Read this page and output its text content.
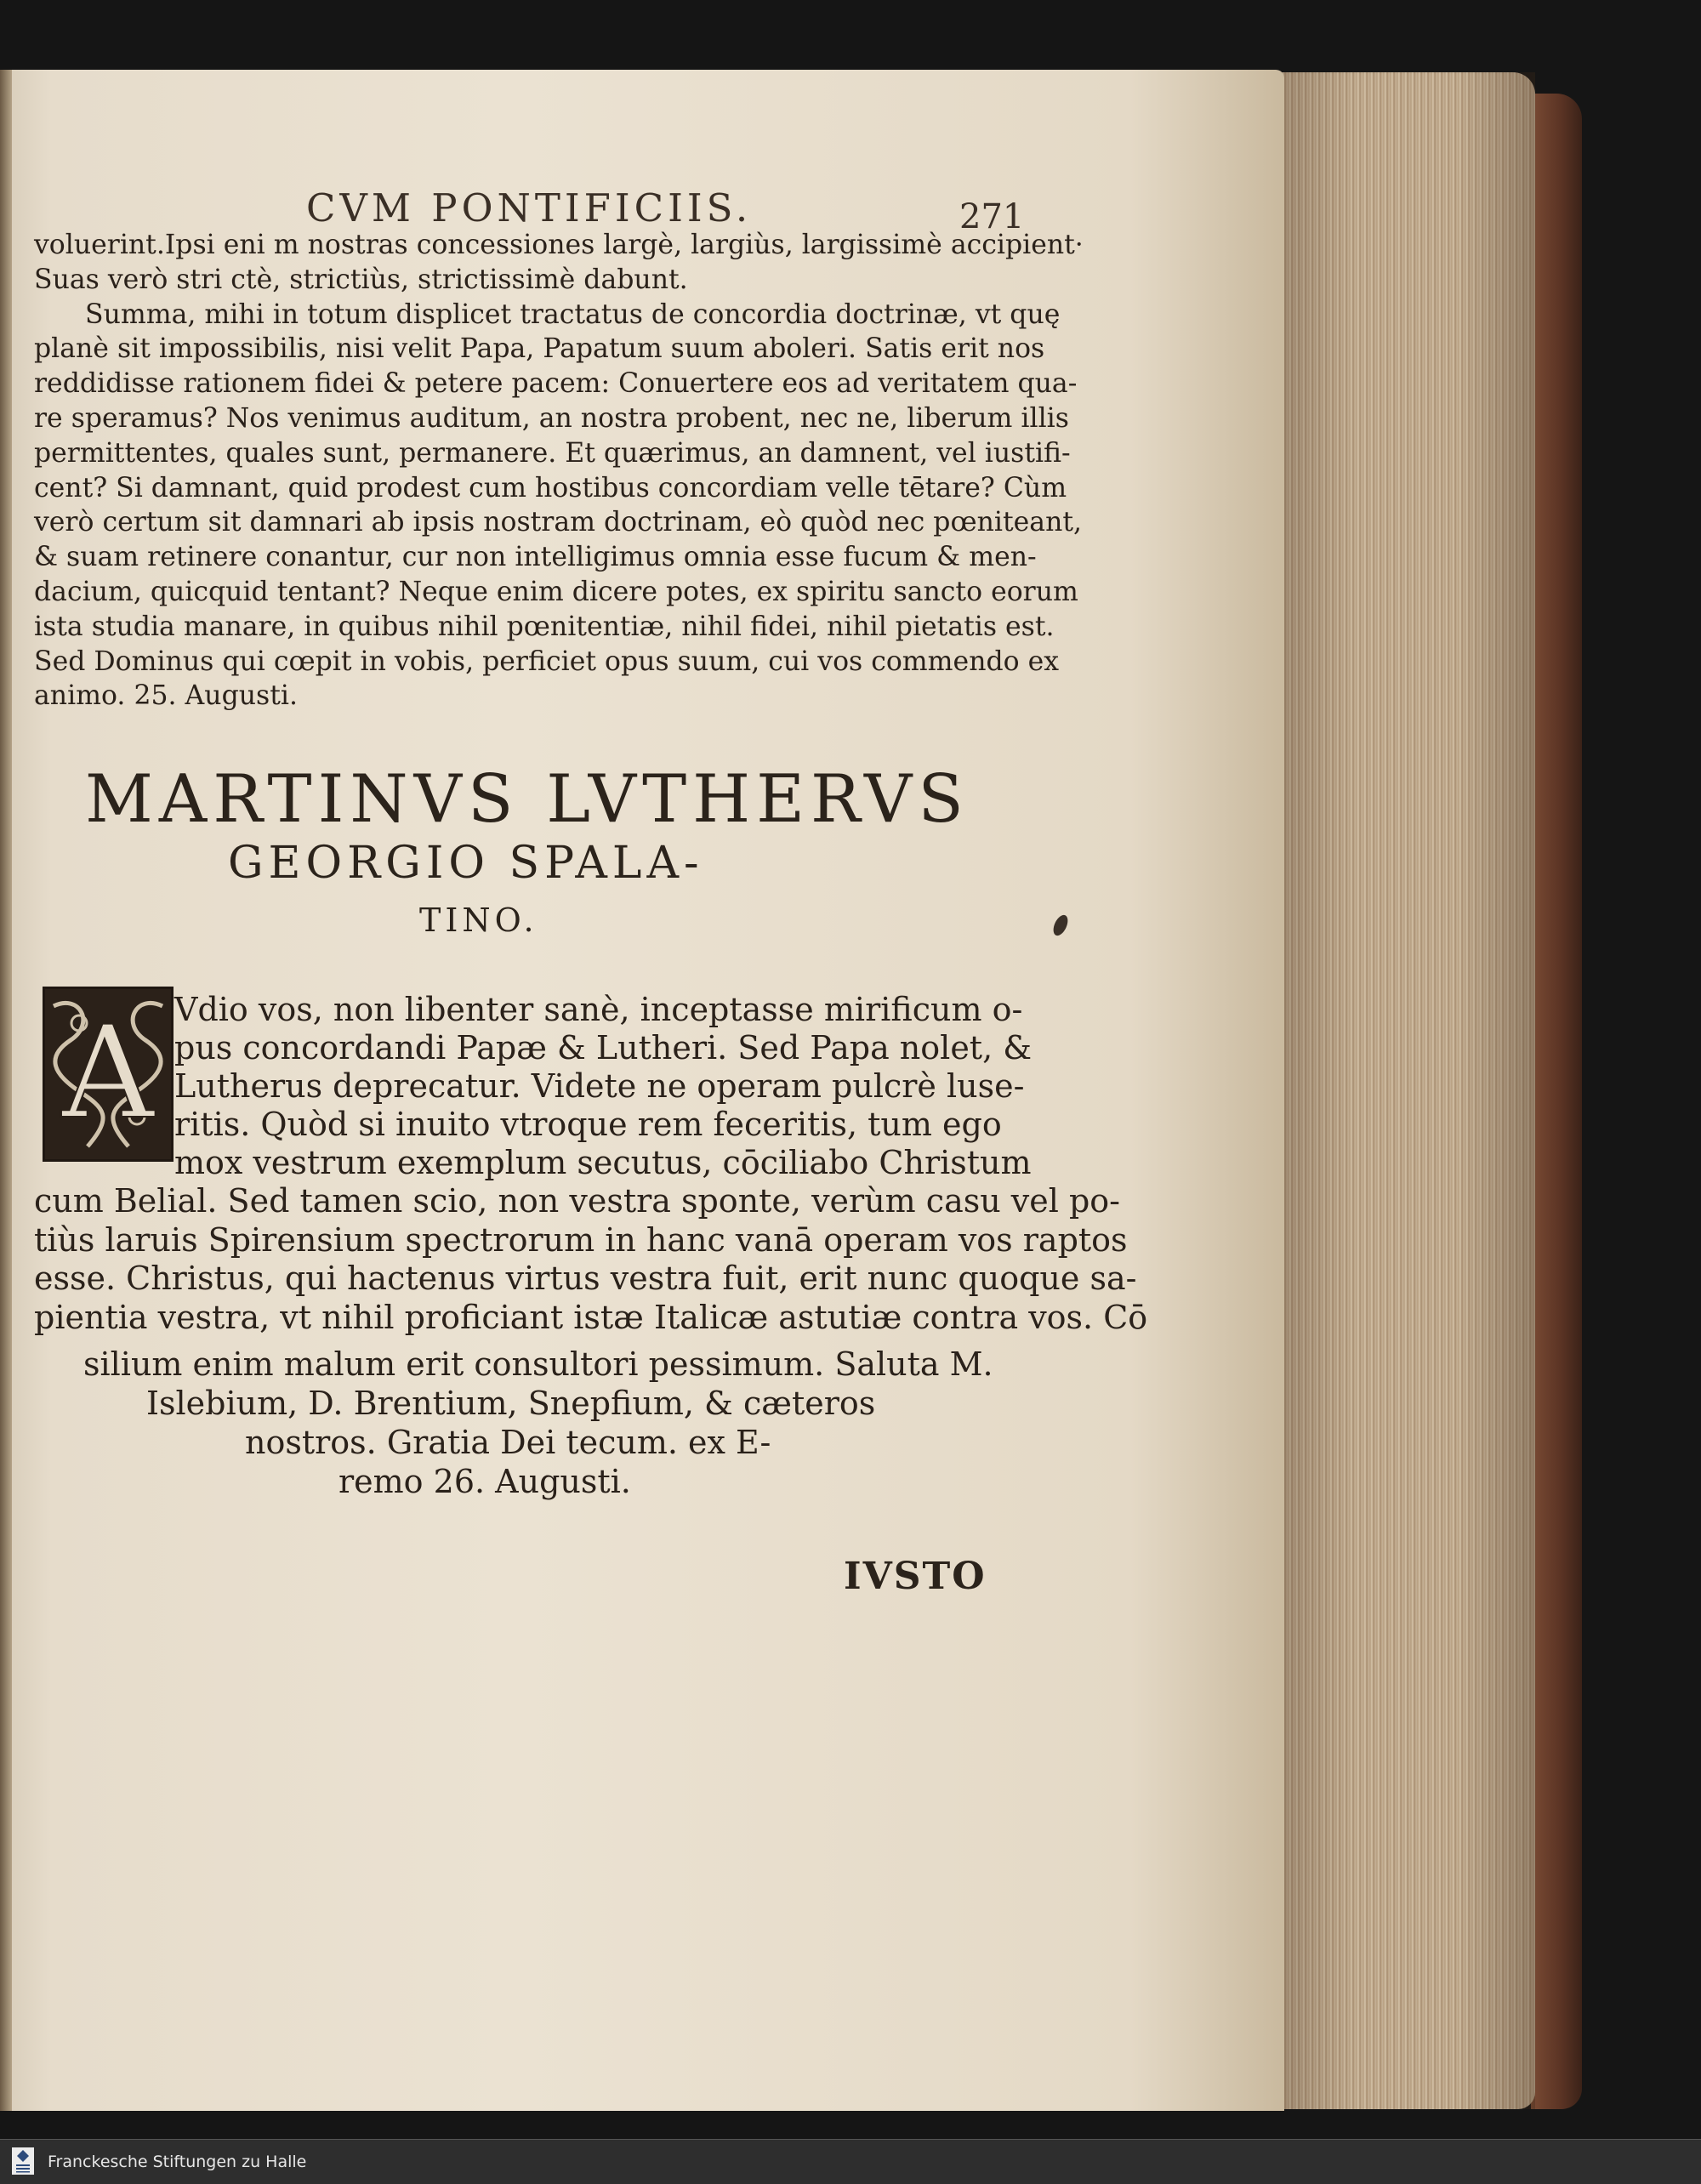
CVM PONTIFICIIS.	271
voluerint.Ipsi eni m nostras concessiones largè, largiùs, largissimè accipient·
Suas verò stri ctè, strictiùs, strictissimè dabunt.
Summa, mihi in totum displicet tractatus de concordia doctrinæ, vt quę
planè sit impossibilis, nisi velit Papa, Papatum suum aboleri. Satis erit nos
reddidisse rationem fidei & petere pacem: Conuertere eos ad veritatem qua-
re speramus? Nos venimus auditum, an nostra probent, nec ne, liberum illis
permittentes, quales sunt, permanere. Et quærimus, an damnent, vel iustifi-
cent? Si damnant, quid prodest cum hostibus concordiam velle tētare? Cùm
verò certum sit damnari ab ipsis nostram doctrinam, eò quòd nec pœniteant,
& suam retinere conantur, cur non intelligimus omnia esse fucum & men-
dacium, quicquid tentant? Neque enim dicere potes, ex spiritu sancto eorum
ista studia manare, in quibus nihil pœnitentiæ, nihil fidei, nihil pietatis est.
Sed Dominus qui cœpit in vobis, perficiet opus suum, cui vos commendo ex
animo. 25. Augusti.
MARTINVS LVTHERVS
GEORGIO SPALA-
TINO.
A Vdio vos, non libenter sanè, inceptasse mirificum o-
pus concordandi Papæ & Lutheri. Sed Papa nolet, &
Lutherus deprecatur. Videte ne operam pulcrè luse-
ritis. Quòd si inuito vtroque rem feceritis, tum ego
mox vestrum exemplum secutus, cōciliabo Christum
cum Belial. Sed tamen scio, non vestra sponte, verùm casu vel po-
tiùs laruis Spirensium spectrorum in hanc vanā operam vos raptos
esse. Christus, qui hactenus virtus vestra fuit, erit nunc quoque sa-
pientia vestra, vt nihil proficiant istæ Italicæ astutiæ contra vos. Cō
silium enim malum erit consultori pessimum. Saluta M.
Islebium, D. Brentium, Snepfium, & cæteros
nostros. Gratia Dei tecum. ex E-
remo 26. Augusti.
IVSTO
Franckesche Stiftungen zu Halle
